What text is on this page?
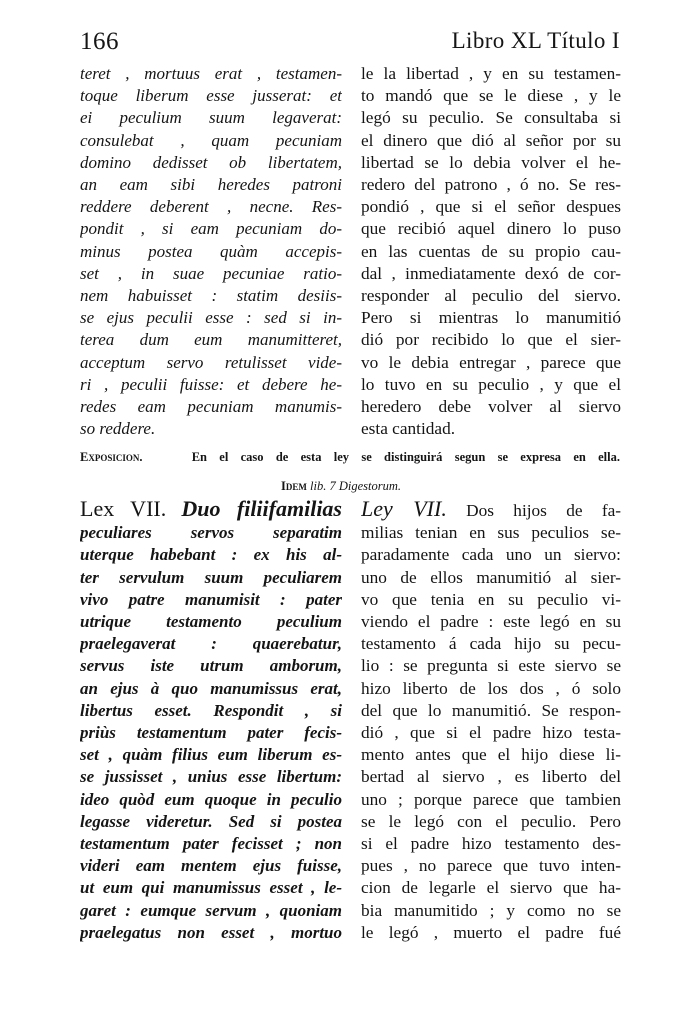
166	Libro XL Título I
teret , mortuus erat , testamen-
toque liberum esse jusserat: et
ei peculium suum legaverat:
consulebat , quam pecuniam
domino dedisset ob libertatem,
an eam sibi heredes patroni
reddere deberent , necne. Res-
pondit , si eam pecuniam do-
minus postea quàm accepis-
set , in suae pecuniae ratio-
nem habuisset : statim desiis-
se ejus peculii esse : sed si in-
terea dum eum manumitteret,
acceptum servo retulisset vide-
ri , peculii fuisse: et debere he-
redes eam pecuniam manumis-
so reddere.
le la libertad , y en su testamen-
to mandó que se le diese , y le
legó su peculio. Se consultaba si
el dinero que dió al señor por su
libertad se lo debia volver el he-
redero del patrono , ó no. Se res-
pondió , que si el señor despues
que recibió aquel dinero lo puso
en las cuentas de su propio cau-
dal , inmediatamente dexó de cor-
responder al peculio del siervo.
Pero si mientras lo manumitió
dió por recibido lo que el sier-
vo le debia entregar , parece que
lo tuvo en su peculio , y que el
heredero debe volver al siervo
esta cantidad.
Exposicion.	En el caso de esta ley se distinguirá segun se expresa en ella.
Idem lib. 7 Digestorum.
Lex VII. Duo filiifamilias
peculiares servos separatim
uterque habebant : ex his al-
ter servulum suum peculiarem
vivo patre manumisit : pater
utrique testamento peculium
praelegaverat : quaerebatur,
servus iste utrum amborum,
an ejus à quo manumissus erat,
libertus esset. Respondit , si
priùs testamentum pater fecis-
set , quàm filius eum liberum es-
se jussisset , unius esse libertum:
ideo quòd eum quoque in peculio
legasse videretur. Sed si postea
testamentum pater fecisset ; non
videri eam mentem ejus fuisse,
ut eum qui manumissus esset , le-
garet : eumque servum , quoniam
praelegatus non esset , mortuo
Ley VII. Dos hijos de fa-
milias tenian en sus peculios se-
paradamente cada uno un siervo:
uno de ellos manumitió al sier-
vo que tenia en su peculio vi-
viendo el padre : este legó en su
testamento á cada hijo su pecu-
lio : se pregunta si este siervo se
hizo liberto de los dos , ó solo
del que lo manumitió. Se respon-
dió , que si el padre hizo testa-
mento antes que el hijo diese li-
bertad al siervo , es liberto del
uno ; porque parece que tambien
se le legó con el peculio. Pero
si el padre hizo testamento des-
pues , no parece que tuvo inten-
cion de legarle el siervo que ha-
bia manumitido ; y como no se
le legó , muerto el padre fué
